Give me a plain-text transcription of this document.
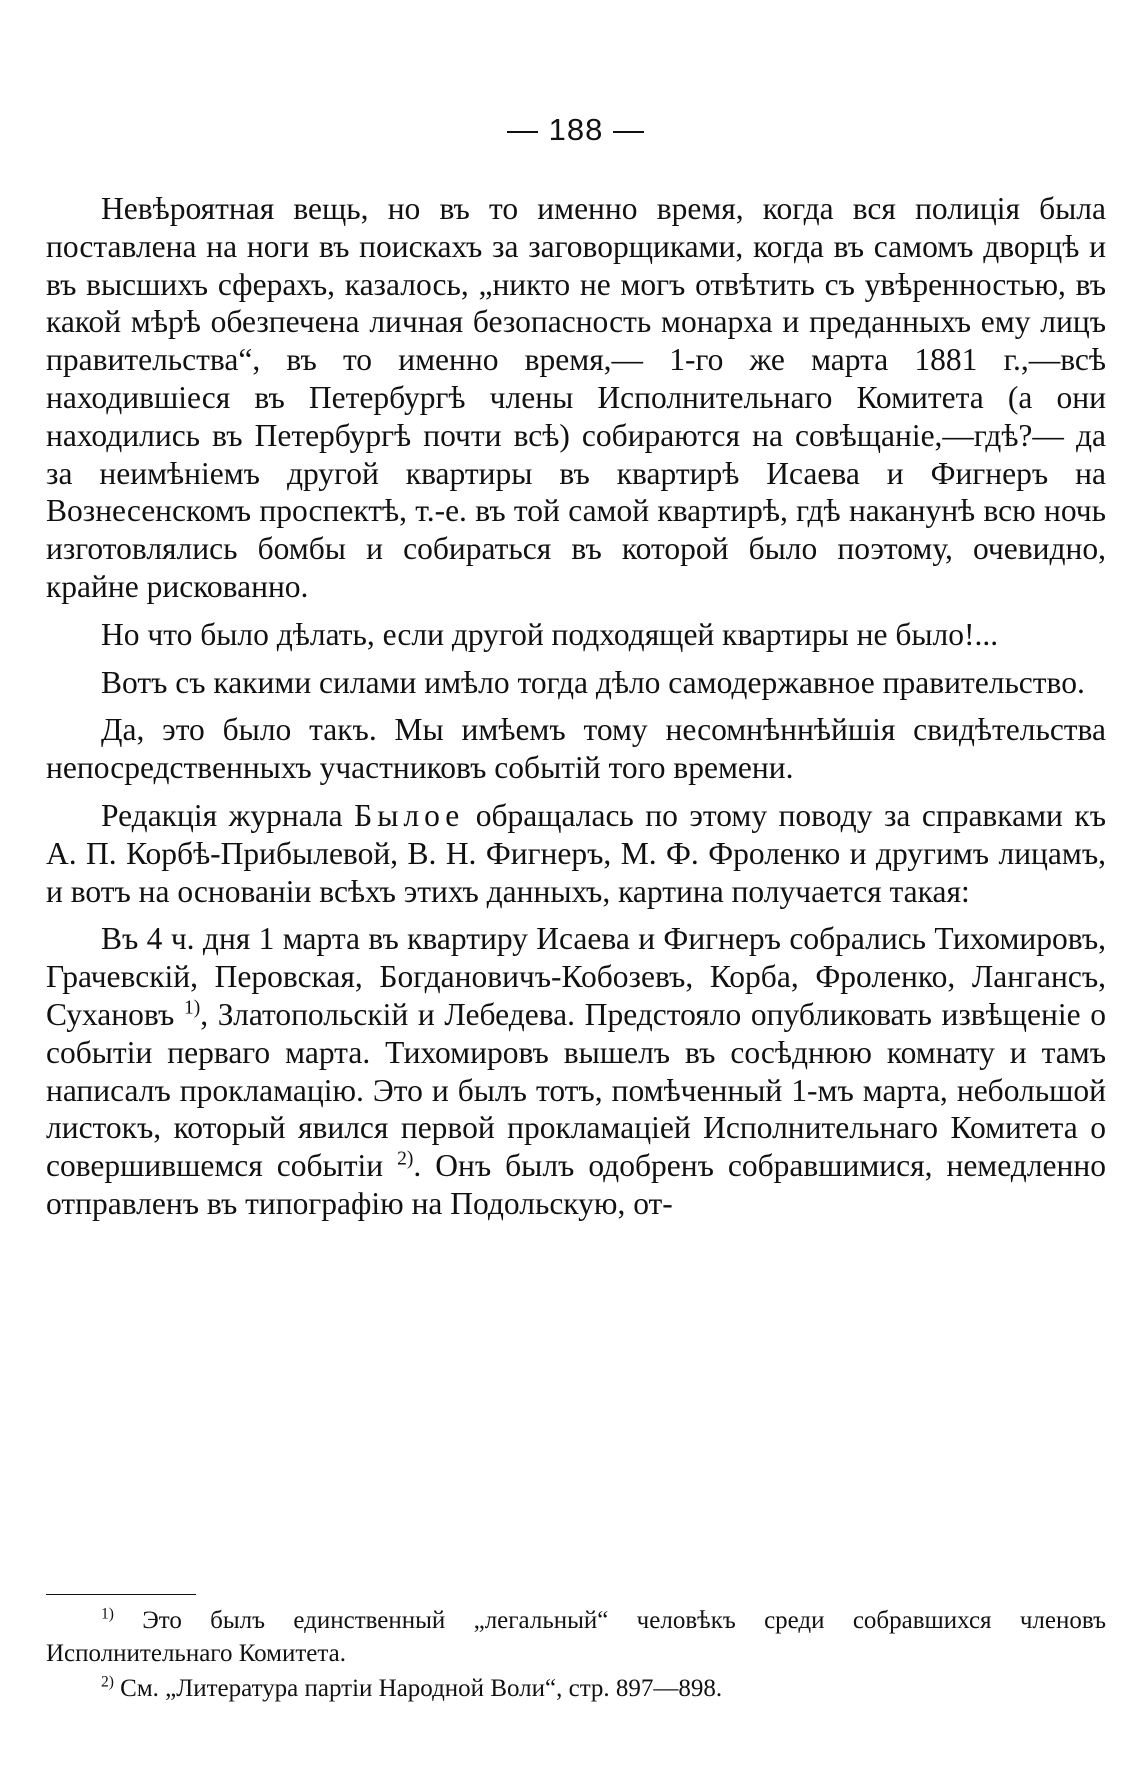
— 188 —

Невѣроятная вещь, но въ то именно время, когда вся полицiя была поставлена на ноги въ поискахъ за заговорщиками, когда въ самомъ дворцѣ и въ высшихъ сферахъ, казалось, „никто не могъ отвѣтить съ увѣренностью, въ какой мѣрѣ обезпечена личная безопасность монарха и преданныхъ ему лицъ правительства“, въ то именно время,— 1-го же марта 1881 г.,—всѣ находившiеся въ Петербургѣ члены Исполнительнаго Комитета (а они находились въ Петербургѣ почти всѣ) собираются на совѣщанiе,—гдѣ?— да за неимѣнiемъ другой квартиры въ квартирѣ Исаева и Фигнеръ на Вознесенскомъ проспектѣ, т.-е. въ той самой квартирѣ, гдѣ наканунѣ всю ночь изготовлялись бомбы и собираться въ которой было поэтому, очевидно, крайне рискованно.

Но что было дѣлать, если другой подходящей квартиры не было!...

Вотъ съ какими силами имѣло тогда дѣло самодержавное правительство.

Да, это было такъ. Мы имѣемъ тому несомнѣннѣйшiя свидѣтельства непосредственныхъ участниковъ событiй того времени.

Редакцiя журнала Былое обращалась по этому поводу за справками къ А. П. Корбѣ-Прибылевой, В. Н. Фигнеръ, М. Ф. Фроленко и другимъ лицамъ, и вотъ на основанiи всѣхъ этихъ данныхъ, картина получается такая:

Въ 4 ч. дня 1 марта въ квартиру Исаева и Фигнеръ собрались Тихомировъ, Грачевскiй, Перовская, Богдановичъ-Кобозевъ, Корба, Фроленко, Лангансъ, Сухановъ $^{1)}$, Златопольскiй и Лебедева. Предстояло опубликовать извѣщенiе о событiи перваго марта. Тихомировъ вышелъ въ сосѣднюю комнату и тамъ написалъ прокламацiю. Это и былъ тотъ, помѣченный 1-мъ марта, небольшой листокъ, который явился первой прокламацiей Исполнительнаго Комитета о совершившемся событiи $^{2)}$. Онъ былъ одобренъ собравшимися, немедленно отправленъ въ типографiю на Подольскую, от-

$^{1)}$ Это былъ единственный „легальный“ человѣкъ среди собравшихся членовъ Исполнительнаго Комитета.

$^{2)}$ См. „Литература партiи Народной Воли“, стр. 897—898.
